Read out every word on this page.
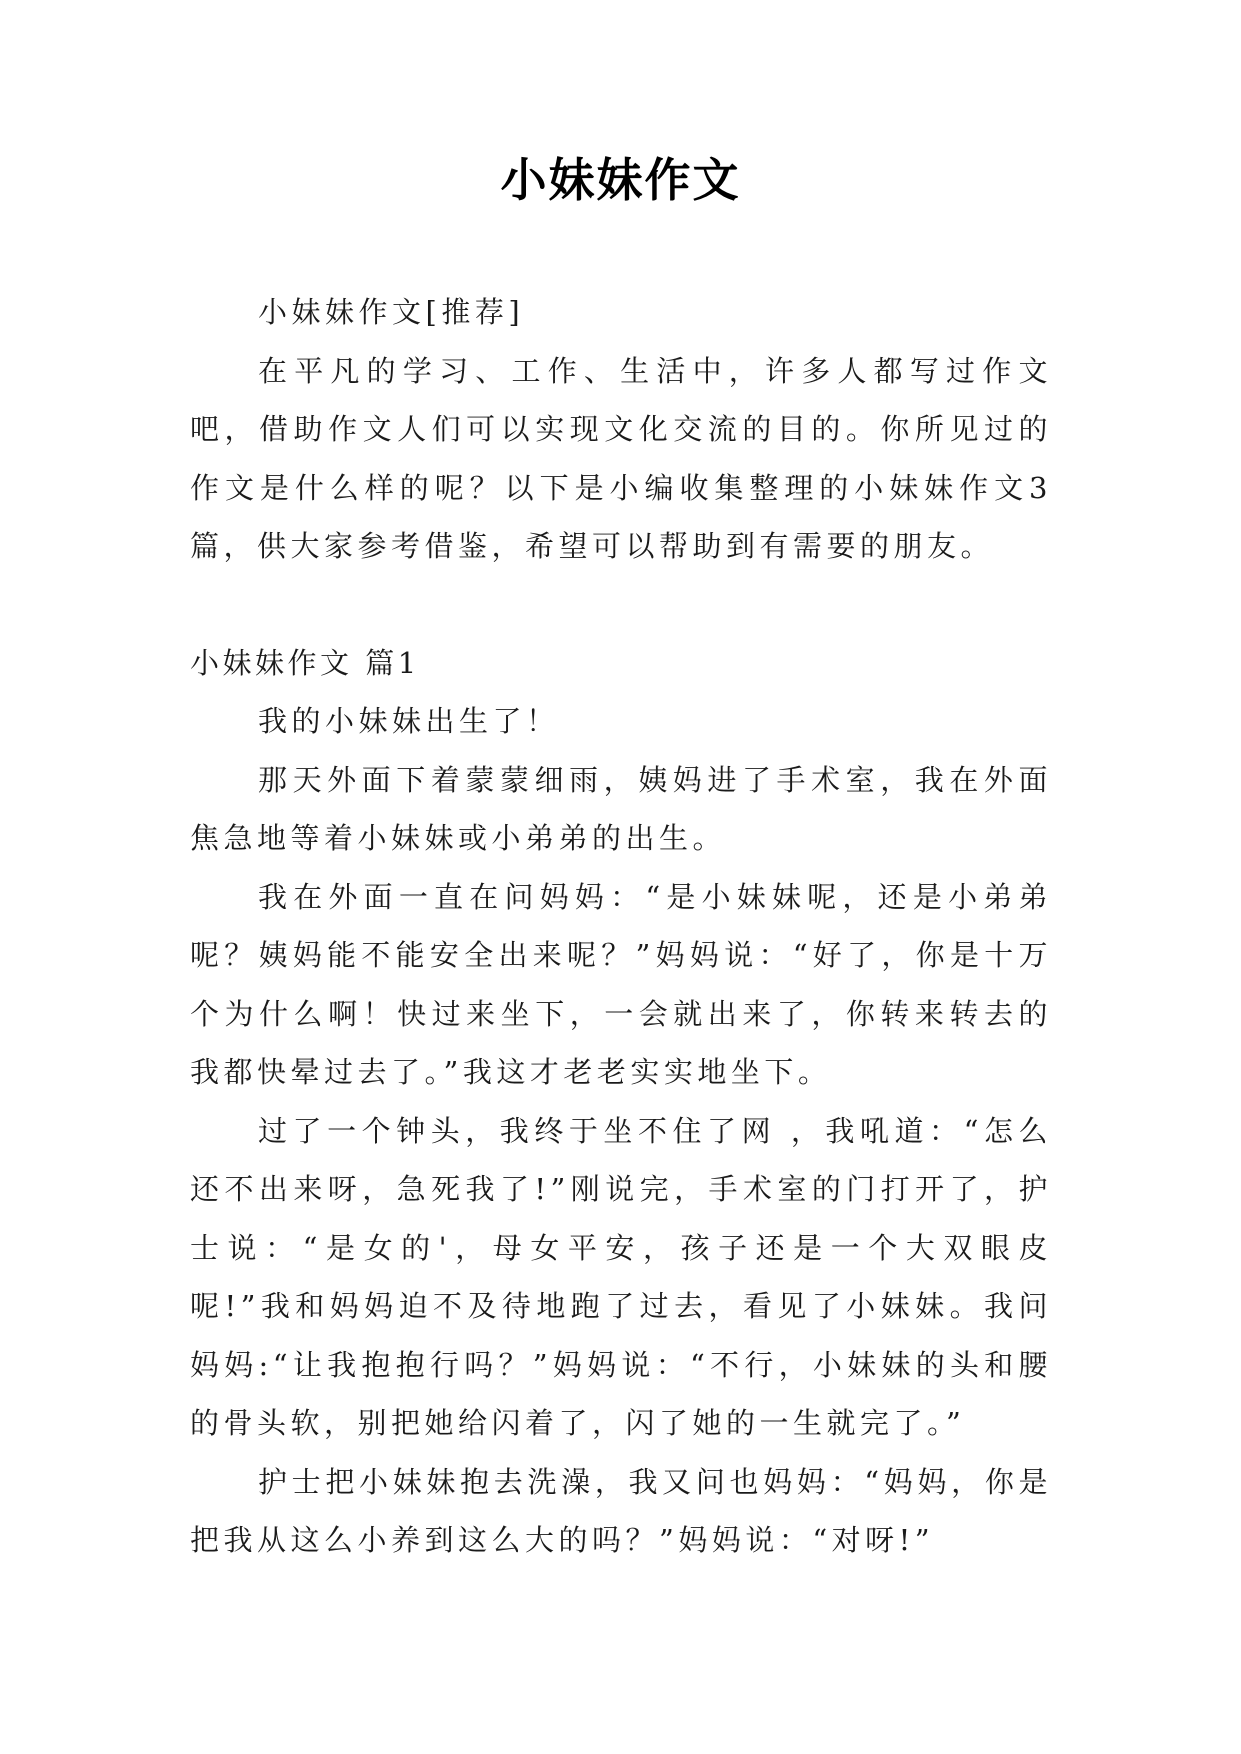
小妹妹作文

小妹妹作文[推荐]

在平凡的学习、工作、生活中，许多人都写过作文吧，借助作文人们可以实现文化交流的目的。你所见过的作文是什么样的呢？以下是小编收集整理的小妹妹作文3篇，供大家参考借鉴，希望可以帮助到有需要的朋友。

小妹妹作文 篇1

我的小妹妹出生了！

那天外面下着蒙蒙细雨，姨妈进了手术室，我在外面焦急地等着小妹妹或小弟弟的出生。

我在外面一直在问妈妈：“是小妹妹呢，还是小弟弟呢？姨妈能不能安全出来呢？”妈妈说：“好了，你是十万个为什么啊！快过来坐下，一会就出来了，你转来转去的我都快晕过去了。”我这才老老实实地坐下。

过了一个钟头，我终于坐不住了网 ，我吼道：“怎么还不出来呀，急死我了!”刚说完，手术室的门打开了，护士说：“是女的'，母女平安，孩子还是一个大双眼皮呢!”我和妈妈迫不及待地跑了过去，看见了小妹妹。我问妈妈:“让我抱抱行吗？”妈妈说：“不行，小妹妹的头和腰的骨头软，别把她给闪着了，闪了她的一生就完了。”

护士把小妹妹抱去洗澡，我又问也妈妈：“妈妈，你是把我从这么小养到这么大的吗？”妈妈说：“对呀!”
